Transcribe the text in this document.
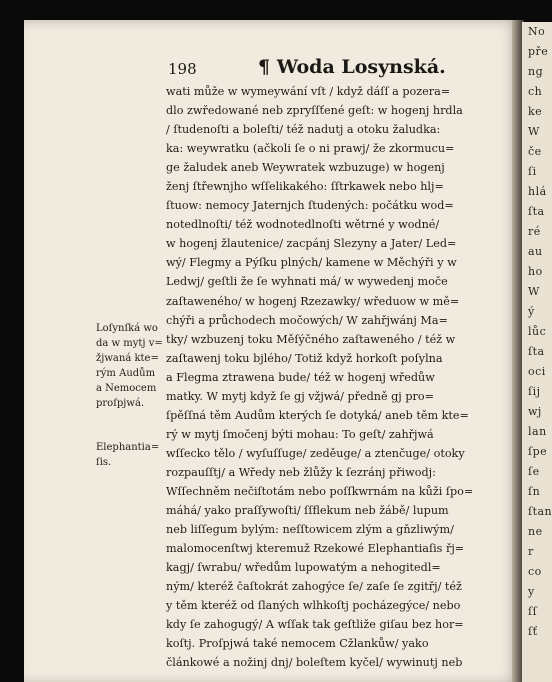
No
pře
ng
ch
ke
W
če
ſi
hlá
ſta
ré
au
ho
W
ý
lůc
ſta
oci
ſij
wj
lan
ſpe
ſe
ſn
ſtan
ne
r
co
y
ſſ
ſť
198	¶ Woda Losynská.
wati může w wymeywání vſt / když dáſſ a pozera=
dlo zwředowané neb zpryſſťené geſt: w hogenj hrdla
/ ſtudenoſti a boleſti/ též nadutj a otoku žaludka:
ka: weywratku (ačkoli ſe o ni prawj/ že zkormucu=
ge žaludek aneb Weywratek wzbuzuge) w hogenj
ženj ſtřewnjho wſſelikakého: ſſtrkawek nebo hlj=
ſtuow: nemocy Jaternjch ſtudených: počátku wod=
notedlnoſti/ též wodnotedlnoſti wětrné y wodné/
w hogenj žlautenice/ zacpánj Slezyny a Jater/ Led=
wý/ Flegmy a Pýſku plných/ kamene w Měchýři y w
Ledwj/ geſtli že ſe wyhnati má/ w wywedenj moče
zaſtaweného/ w hogenj Rzezawky/ wředuow w mě=
chýři a průchodech močowých/ W zahřjwánj Ma=
tky/ wzbuzenj toku Měſýčného zaſtaweného / též w
zaſtawenj toku bjlého/ Totiž když horkoſt poſylna
a Flegma ztrawena bude/ též w hogenj wředůw
matky. W mytj když ſe gj vžjwá/ předně gj pro=
ſpěſſná těm Audům kterých ſe dotyká/ aneb těm kte=
rý w mytj ſmočenj býti mohau: To geſt/ zahřjwá
wſſecko tělo / wyſuſſuge/ zeděuge/ a ztenčuge/ otoky
rozpauſſtj/ a Wředy neb žlůžy k ſezránj přiwodj:
Wſſechněm nečiſtotám nebo poſſkwrnám na kůži ſpo=
máhá/ yako praſſywoſti/ ſſflekum neb žábě/ lupum
neb liſſegum bylým: neſſtowicem zlým a gňzliwým/
malomocenſtwj kteremuž Rzekowé Elephantiaſis řj=
kagj/ ſwrabu/ wředům lupowatým a nehogitedl=
ným/ kteréž čaſtokrát zahogýce ſe/ zaſe ſe zgitřj/ též
y těm kteréž od ſlaných wlhkoſtj pocházegýce/ nebo
kdy ſe zahogugý/ A wſſak tak geſtliže giſau bez hor=
koſtj. Proſpjwá také nemocem Cžlankůw/ yako
článkowé a nožinj dnj/ boleſtem kyčel/ wywinutj neb
Loſynſká wo
da w mytj v=
žjwaná kte=
rým Audům
a Nemocem
proſpjwá.
Elephantia=
ſis.
